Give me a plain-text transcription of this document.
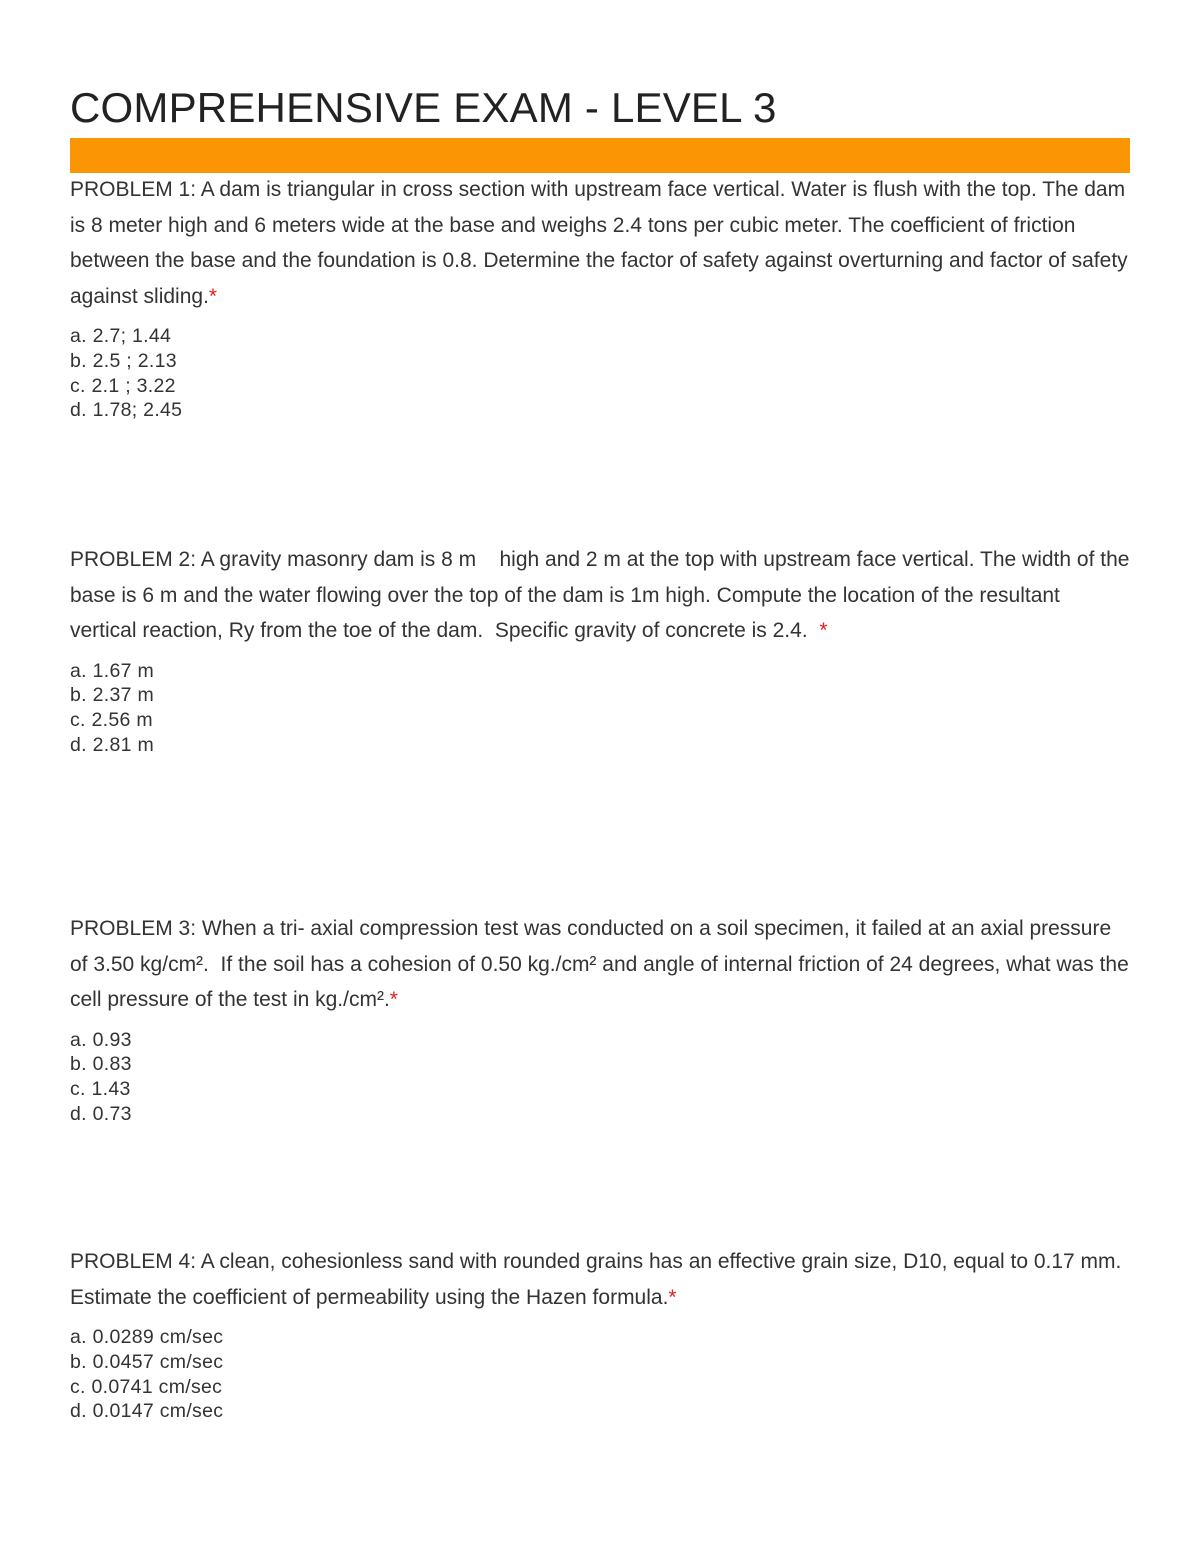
COMPREHENSIVE EXAM - LEVEL 3

PROBLEM 1: A dam is triangular in cross section with upstream face vertical. Water is flush with the top. The dam is 8 meter high and 6 meters wide at the base and weighs 2.4 tons per cubic meter. The coefficient of friction between the base and the foundation is 0.8. Determine the factor of safety against overturning and factor of safety against sliding.*

a. 2.7; 1.44
b. 2.5 ; 2.13
c. 2.1 ; 3.22
d. 1.78; 2.45

PROBLEM 2: A gravity masonry dam is 8 m    high and 2 m at the top with upstream face vertical. The width of the base is 6 m and the water flowing over the top of the dam is 1m high. Compute the location of the resultant vertical reaction, Ry from the toe of the dam.  Specific gravity of concrete is 2.4.  *

a. 1.67 m
b. 2.37 m
c. 2.56 m
d. 2.81 m

PROBLEM 3: When a tri- axial compression test was conducted on a soil specimen, it failed at an axial pressure of 3.50 kg/cm².  If the soil has a cohesion of 0.50 kg./cm² and angle of internal friction of 24 degrees, what was the cell pressure of the test in kg./cm².*

a. 0.93
b. 0.83
c. 1.43
d. 0.73

PROBLEM 4: A clean, cohesionless sand with rounded grains has an effective grain size, D10, equal to 0.17 mm. Estimate the coefficient of permeability using the Hazen formula.*

a. 0.0289 cm/sec
b. 0.0457 cm/sec
c. 0.0741 cm/sec
d. 0.0147 cm/sec
